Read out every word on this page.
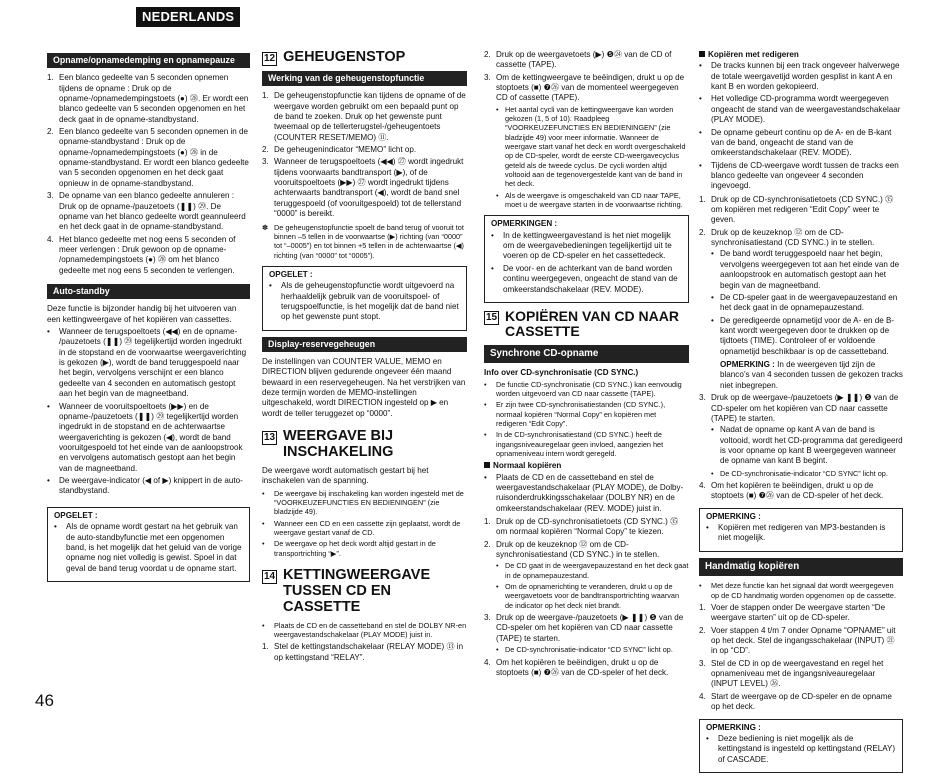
NEDERLANDS
Opname/opnamedemping en opnamepauze
1. Een blanco gedeelte van 5 seconden opnemen tijdens de opname : Druk op de opname-/opnamedempingstoets (●) ㉘. Er wordt een blanco gedeelte van 5 seconden opgenomen en het deck gaat in de opname-standbystand.
2. Een blanco gedeelte van 5 seconden opnemen in de opname-standbystand : Druk op de opname-/opnamedempingstoets (●) ㉘ in de opname-standbystand. Er wordt een blanco gedeelte van 5 seconden opgenomen en het deck gaat opnieuw in de opname-standbystand.
3. De opname van een blanco gedeelte annuleren : Druk op de opname-/pauzetoets (❚❚) ㉙. De opname van het blanco gedeelte wordt geannuleerd en het deck gaat in de opname-standbystand.
4. Het blanco gedeelte met nog eens 5 seconden of meer verlengen : Druk gewoon op de opname- /opnamedempingstoets (●) ㉘ om het blanco gedeelte met nog eens 5 seconden te verlengen.
Auto-standby

Deze functie is bijzonder handig bij het uitvoeren van een kettingweergave of het kopiëren van cassettes.

• Wanneer de terugspoeltoets (◀◀) en de opname- /pauzetoets (❚❚) ㉙ tegelijkertijd worden ingedrukt in de stopstand en de voorwaartse weergaverichting is gekozen (▶), wordt de band teruggespoeld naar het begin, vervolgens verschijnt er een blanco gedeelte van 4 seconden en automatisch gestopt aan het begin van de magneetband.
• Wanneer de vooruitspoeltoets (▶▶) en de opname-/pauzetoets (❚❚) ㉙ tegelijkertijd worden ingedrukt in de stopstand en de achterwaartse weergaverichting is gekozen (◀), wordt de band vooruitgespoeld tot het einde van de aanloopstrook en vervolgens automatisch gestopt aan het begin van de magneetband.
• De weergave-indicator (◀ of ▶) knippert in de auto-standbystand.
OPGELET :
• Als de opname wordt gestart na het gebruik van de auto-standbyfunctie met een opgenomen band, is het mogelijk dat het geluid van de vorige opname nog niet volledig is gewist. Spoel in dat geval de band terug voordat u de opname start.
12 GEHEUGENSTOP
Werking van de geheugenstopfunctie
1. De geheugenstopfunctie kan tijdens de opname of de weergave worden gebruikt om een bepaald punt op de band te zoeken. Druk op het gewenste punt tweemaal op de tellerterugstel-/geheugentoets (COUNTER RESET/MEMO) ⑪.
2. De geheugenindicator “MEMO” licht op.
3. Wanneer de terugspoeltoets (◀◀) ㉗ wordt ingedrukt tijdens voorwaarts bandtransport (▶), of de vooruitspoeltoets (▶▶) ㉗ wordt ingedrukt tijdens achterwaarts bandtransport (◀), wordt de band snel teruggespoeld (of vooruitgespoeld) tot de tellerstand “0000” is bereikt.
✽ De geheugenstopfunctie spoelt de band terug of vooruit tot binnen –5 tellen in de voorwaartse (▶) richting (van “0000” tot “–0005”) en tot binnen +5 tellen in de achterwaartse (◀) richting (van “0000” tot “0005”).
OPGELET :
• Als de geheugenstopfunctie wordt uitgevoerd na herhaaldelijk gebruik van de vooruitspoel- of terugspoelfunctie, is het mogelijk dat de band niet op het gewenste punt stopt.
Display-reservegeheugen

De instellingen van COUNTER VALUE, MEMO en DIRECTION blijven gedurende ongeveer één maand bewaard in een reservegeheugen. Na het verstrijken van deze termijn worden de MEMO-instellingen uitgeschakeld, wordt DIRECTION ingesteld op ▶ en wordt de teller teruggezet op “0000”.

13 WEERGAVE BIJ INSCHAKELING

De weergave wordt automatisch gestart bij het inschakelen van de spanning.

• De weergave bij inschakeling kan worden ingesteld met de “VOORKEUZEFUNCTIES EN BEDIENINGEN” (zie bladzijde 49).
• Wanneer een CD en een cassette zijn geplaatst, wordt de weergave gestart vanaf de CD.
• De weergave op het deck wordt altijd gestart in de transportrichting “▶”.
14 KETTINGWEERGAVE TUSSEN CD EN CASSETTE
• Plaats de CD en de cassetteband en stel de DOLBY NR-en weergavestandschakelaar (PLAY MODE) juist in.
1. Stel de kettingstandschakelaar (RELAY MODE) ⑬ in op kettingstand “RELAY”.
2. Druk op de weergavetoets (▶) ❺㉔ van de CD of cassette (TAPE).
3. Om de kettingweergave te beëindigen, drukt u op de stoptoets (■) ❼㉖ van de momenteel weergegeven CD of cassette (TAPE).
• Het aantal cycli van de kettingweergave kan worden gekozen (1, 5 of 10). Raadpleeg “VOORKEUZEFUNCTIES EN BEDIENINGEN” (zie bladzijde 49) voor meer informatie. Wanneer de weergave start vanaf het deck en wordt overgeschakeld op de CD-speler, wordt de eerste CD-weergavecyclus geteld als de tweede cyclus. De cycli worden altijd voltooid aan de tegenovergestelde kant van de band in het deck.
• Als de weergave is omgeschakeld van CD naar TAPE, moet u de weergave starten in de voorwaartse richting.
OPMERKINGEN :
• In de kettingweergavestand is het niet mogelijk om de weergavebedieningen tegelijkertijd uit te voeren op de CD-speler en het cassettedeck.
• De voor- en de achterkant van de band worden continu weergegeven, ongeacht de stand van de omkeerstandschakelaar (REV. MODE).
15 KOPIËREN VAN CD NAAR CASSETTE
Synchrone CD-opname
Info over CD-synchronisatie (CD SYNC.)
• De functie CD-synchronisatie (CD SYNC.) kan eenvoudig worden uitgevoerd van CD naar cassette (TAPE).
• Er zijn twee CD-synchronisatiestanden (CD SYNC.), normaal kopiëren “Normal Copy” en kopiëren met redigeren “Edit Copy”.
• In de CD-synchronisatiestand (CD SYNC.) heeft de ingangsniveauregelaar geen invloed, aangezien het opnameniveau intern wordt geregeld.
Normaal kopiëren
• Plaats de CD en de cassetteband en stel de weergavestandschakelaar (PLAY MODE), de Dolby-ruisonderdrukkingsschakelaar (DOLBY NR) en de omkeerstandschakelaar (REV. MODE) juist in.
1. Druk op de CD-synchronisatietoets (CD SYNC.) ㉟ om normaal kopiëren “Normal Copy” te kiezen.
2. Druk op de keuzeknop ⑫ om de CD-synchronisatiestand (CD SYNC.) in te stellen.
• De CD gaat in de weergavepauzestand en het deck gaat in de opnamepauzestand.
• Om de opnamerichting te veranderen, drukt u op de weergavetoets voor de bandtransportrichting waarvan de indicator op het deck niet brandt.
3. Druk op de weergave-/pauzetoets (▶ ❚❚) ❺ van de CD-speler om het kopiëren van CD naar cassette (TAPE) te starten.
• De CD-synchronisatie-indicator “CD SYNC” licht op.
4. Om het kopiëren te beëindigen, drukt u op de stoptoets (■) ❼㉖ van de CD-speler of het deck.
Kopiëren met redigeren
• De tracks kunnen bij een track ongeveer halverwege de totale weergavetijd worden gesplist in kant A en kant B en worden gekopieerd.
• Het volledige CD-programma wordt weergegeven ongeacht de stand van de weergavestandschakelaar (PLAY MODE).
• De opname gebeurt continu op de A- en de B-kant van de band, ongeacht de stand van de omkeerstandschakelaar (REV. MODE).
• Tijdens de CD-weergave wordt tussen de tracks een blanco gedeelte van ongeveer 4 seconden ingevoegd.
1. Druk op de CD-synchronisatietoets (CD SYNC.) ㉟ om kopiëren met redigeren “Edit Copy” weer te geven.
2. Druk op de keuzeknop ⑫ om de CD-synchronisatiestand (CD SYNC.) in te stellen.
• De band wordt teruggespoeld naar het begin, vervolgens weergegeven tot aan het einde van de aanloopstrook en automatisch gestopt aan het begin van de magneetband.
• De CD-speler gaat in de weergavepauzestand en het deck gaat in de opnamepauzestand.
• De geredigeerde opnametijd voor de A- en de B-kant wordt weergegeven door te drukken op de tijdtoets (TIME). Controleer of er voldoende opnametijd beschikbaar is op de cassetteband.

OPMERKING : In de weergeven tijd zijn de blanco’s van 4 seconden tussen de gekozen tracks niet inbegrepen.

3. Druk op de weergave-/pauzetoets (▶ ❚❚) ❺ van de CD-speler om het kopiëren van CD naar cassette (TAPE) te starten.
• Nadat de opname op kant A van de band is voltooid, wordt het CD-programma dat geredigeerd is voor opname op kant B weergegeven wanneer de opname van kant B begint.
• De CD-synchronisatie-indicator “CD SYNC” licht op.
4. Om het kopiëren te beëindigen, drukt u op de stoptoets (■) ❼㉖ van de CD-speler of het deck.
OPMERKING :
• Kopiëren met redigeren van MP3-bestanden is niet mogelijk.
Handmatig kopiëren
• Met deze functie kan het signaal dat wordt weergegeven op de CD handmatig worden opgenomen op de cassette.
1. Voer de stappen onder De weergave starten “De weergave starten” uit op de CD-speler.
2. Voer stappen 4 t/m 7 onder Opname “OPNAME” uit op het deck. Stel de ingangsschakelaar (INPUT) ㉑ in op “CD”.
3. Stel de CD in op de weergavestand en regel het opnameniveau met de ingangsniveauregelaar (INPUT LEVEL) ㉖.
4. Start de weergave op de CD-speler en de opname op het deck.
OPMERKING :
• Deze bediening is niet mogelijk als de kettingstand is ingesteld op kettingstand (RELAY) of CASCADE.
46
